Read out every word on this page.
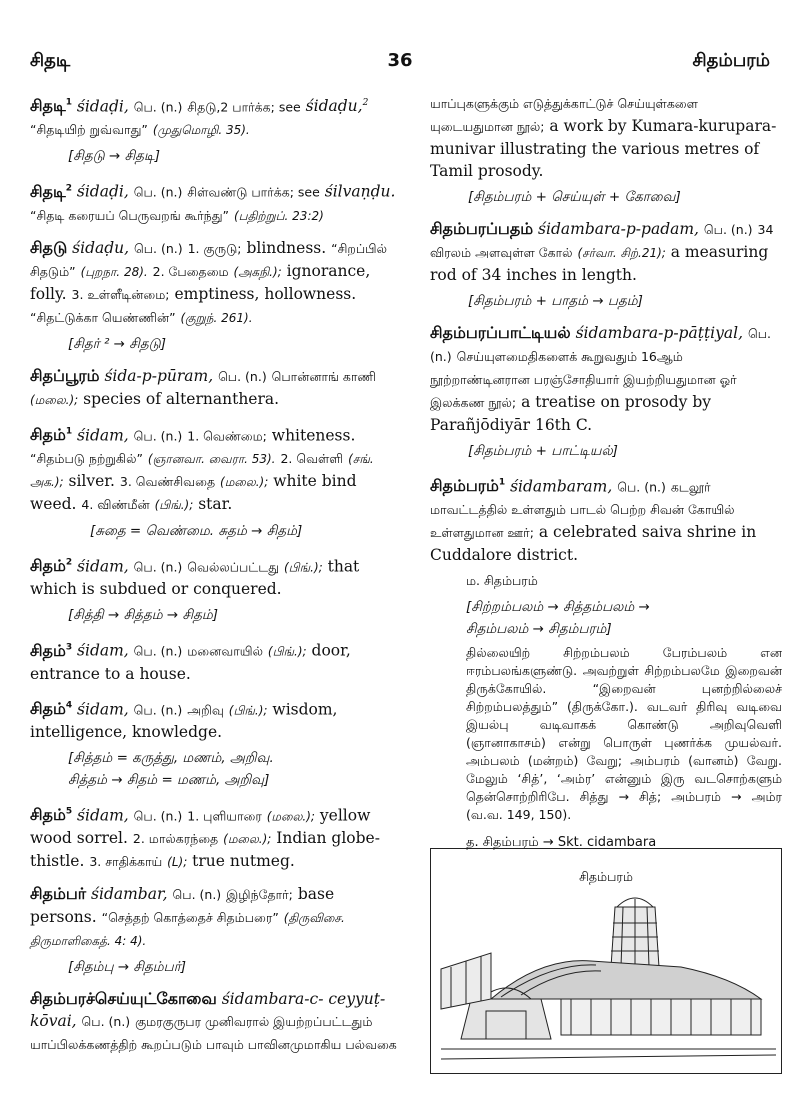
சிதடி	36	சிதம்பரம்
சிதடி$^1$ śidaḍi, பெ. (n.) சிதடு,2 பார்க்க; see śidaḍu,$^2$ “சிதடியிற் றுவ்வாது” (முதுமொழி. 35).
[சிதடு → சிதடி]
சிதடி$^2$ śidaḍi, பெ. (n.) சிள்வண்டு பார்க்க; see śilvaṇḍu. “சிதடி கரையப் பெருவறங் கூர்ந்து” (பதிற்றுப். 23:2)
சிதடு śidaḍu, பெ. (n.) 1. குருடு; blindness. “சிறப்பில் சிதடும்” (புறநா. 28). 2. பேதைமை (அகநி.); ignorance, folly. 3. உள்ளீடின்மை; emptiness, hollowness. “சிதட்டுக்கா யெண்ணின்” (குறுந். 261).
[சிதர் ² → சிதடு]
சிதப்பூரம் śida-p-pūram, பெ. (n.) பொன்னாங் காணி (மலை.); species of alternanthera.
சிதம்$^1$ śidam, பெ. (n.) 1. வெண்மை; whiteness. “சிதம்படு நற்றுகில்” (ஞானவா. வைரா. 53). 2. வெள்ளி (சங். அக.); silver. 3. வெண்சிவதை (மலை.); white bind weed. 4. விண்மீன் (பிங்.); star.
[சுதை = வெண்மை. சுதம் → சிதம்]
சிதம்$^2$ śidam, பெ. (n.) வெல்லப்பட்டது (பிங்.); that which is subdued or conquered.
[சித்தி → சித்தம் → சிதம்]
சிதம்$^3$ śidam, பெ. (n.) மனைவாயில் (பிங்.); door, entrance to a house.
சிதம்$^4$ śidam, பெ. (n.) அறிவு (பிங்.); wisdom, intelligence, knowledge.
[சித்தம் = கருத்து, மணம், அறிவு.
சித்தம் → சிதம் = மணம், அறிவு]
சிதம்$^5$ śidam, பெ. (n.) 1. புளியாரை (மலை.); yellow wood sorrel. 2. மால்கரந்தை (மலை.); Indian globe-thistle. 3. சாதிக்காய் (L); true nutmeg.
சிதம்பர் śidambar, பெ. (n.) இழிந்தோர்; base persons. “செத்தற் கொத்தைச் சிதம்பரை” (திருவிசை. திருமாளிகைத். 4: 4).
[சிதம்பு → சிதம்பர்]
சிதம்பரச்செய்யுட்கோவை śidambara-c- ceyyuṭ-kōvai, பெ. (n.) குமரகுருபர முனிவரால் இயற்றப்பட்டதும் யாப்பிலக்கணத்திற் கூறப்படும் பாவும் பாவினமுமாகிய பல்வகை
யாப்புகளுக்கும் எடுத்துக்காட்டுச் செய்யுள்களை யுடையதுமான நூல்; a work by Kumara-kurupara-munivar illustrating the various metres of Tamil prosody.
[சிதம்பரம் + செய்யுள் + கோவை]
சிதம்பரப்பதம் śidambara-p-padam, பெ. (n.) 34 விரலம் அளவுள்ள கோல் (சர்வா. சிற்.21); a measuring rod of 34 inches in length.
[சிதம்பரம் + பாதம் → பதம்]
சிதம்பரப்பாட்டியல் śidambara-p-pāṭṭiyal, பெ. (n.) செய்யுளமைதிகளைக் கூறுவதும் 16ஆம் நூற்றாண்டினரான பரஞ்சோதியார் இயற்றியதுமான ஓர் இலக்கண நூல்; a treatise on prosody by Parañjōdiyār 16th C.
[சிதம்பரம் + பாட்டியல்]
சிதம்பரம்$^1$ śidambaram, பெ. (n.) கடலூர் மாவட்டத்தில் உள்ளதும் பாடல் பெற்ற சிவன் கோயில் உள்ளதுமான ஊர்; a celebrated saiva shrine in Cuddalore district.
ம. சிதம்பரம்
[சிற்றம்பலம் → சித்தம்பலம் →
சிதம்பலம் → சிதம்பரம்]
தில்லையிற் சிற்றம்பலம் பேரம்பலம் என ஈரம்பலங்களுண்டு. அவற்றுள் சிற்றம்பலமே இறைவன் திருக்கோயில். “இறைவன் புனற்றில்லைச் சிற்றம்பலத்தும்” (திருக்கோ.). வடவர் திரிவு வடிவை இயல்பு வடிவாகக் கொண்டு அறிவுவெளி (ஞானாகாசம்) என்று பொருள் புணர்க்க முயல்வர். அம்பலம் (மன்றம்) வேறு; அம்பரம் (வானம்) வேறு. மேலும் ‘சித்’, ‘அம்ர’ என்னும் இரு வடசொற்களும் தென்சொற்றிரிபே. சித்து → சித்; அம்பரம் → அம்ர (வ.வ. 149, 150).
த. சிதம்பரம் → Skt. cidambara
சிதம்பரம்
